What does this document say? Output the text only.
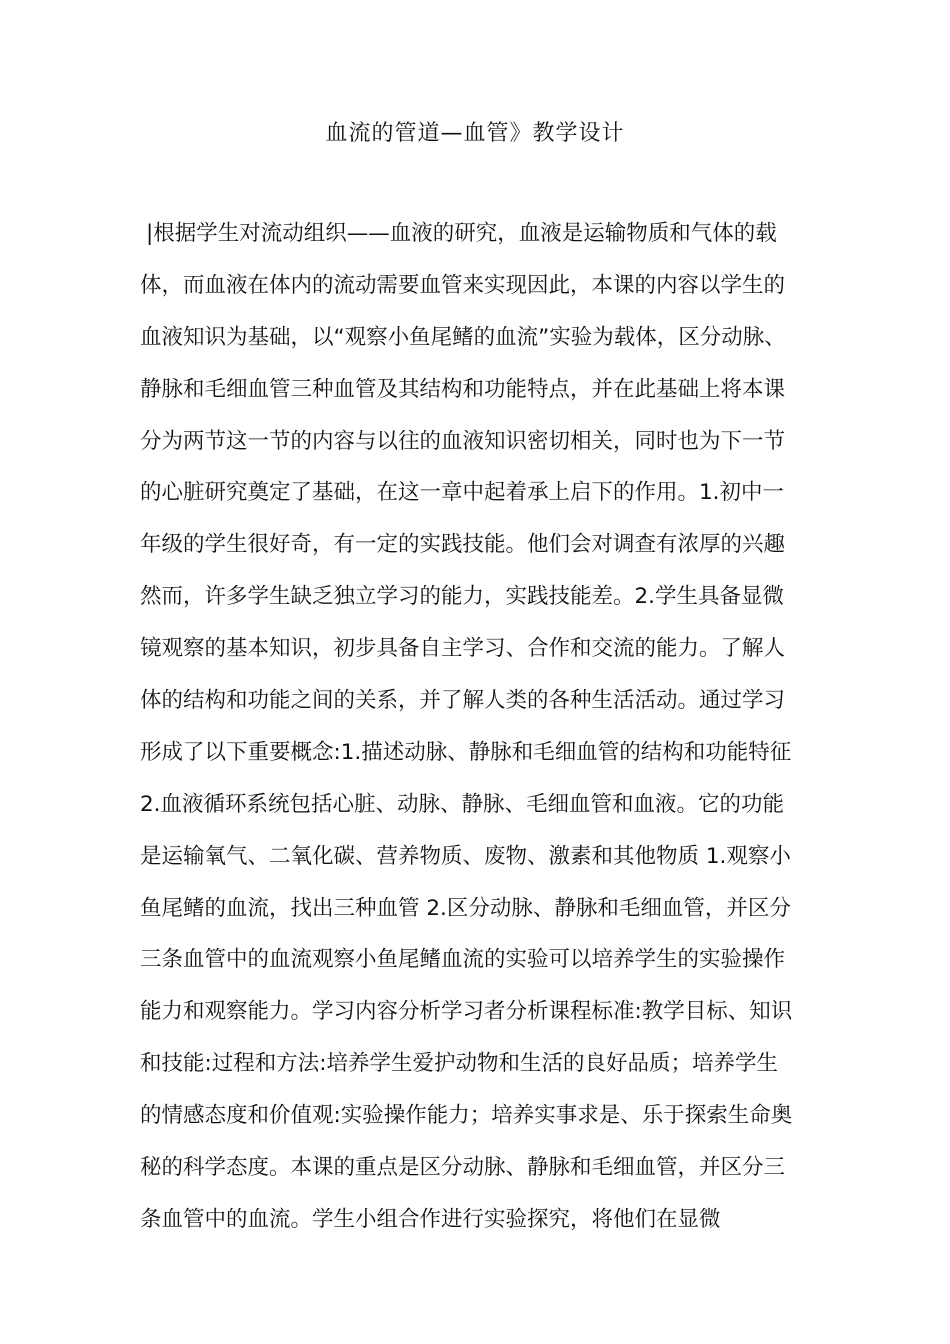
血流的管道—血管》教学设计
|根据学生对流动组织——血液的研究，血液是运输物质和气体的载
体，而血液在体内的流动需要血管来实现因此，本课的内容以学生的
血液知识为基础，以“观察小鱼尾鳍的血流”实验为载体，区分动脉、
静脉和毛细血管三种血管及其结构和功能特点，并在此基础上将本课
分为两节这一节的内容与以往的血液知识密切相关，同时也为下一节
的心脏研究奠定了基础，在这一章中起着承上启下的作用。1.初中一
年级的学生很好奇，有一定的实践技能。他们会对调查有浓厚的兴趣
然而，许多学生缺乏独立学习的能力，实践技能差。2.学生具备显微
镜观察的基本知识，初步具备自主学习、合作和交流的能力。了解人
体的结构和功能之间的关系，并了解人类的各种生活活动。通过学习
形成了以下重要概念:1.描述动脉、静脉和毛细血管的结构和功能特征
2.血液循环系统包括心脏、动脉、静脉、毛细血管和血液。它的功能
是运输氧气、二氧化碳、营养物质、废物、激素和其他物质 1.观察小
鱼尾鳍的血流，找出三种血管 2.区分动脉、静脉和毛细血管，并区分
三条血管中的血流观察小鱼尾鳍血流的实验可以培养学生的实验操作
能力和观察能力。学习内容分析学习者分析课程标准:教学目标、知识
和技能:过程和方法:培养学生爱护动物和生活的良好品质；培养学生
的情感态度和价值观:实验操作能力；培养实事求是、乐于探索生命奥
秘的科学态度。本课的重点是区分动脉、静脉和毛细血管，并区分三
条血管中的血流。学生小组合作进行实验探究，将他们在显微
